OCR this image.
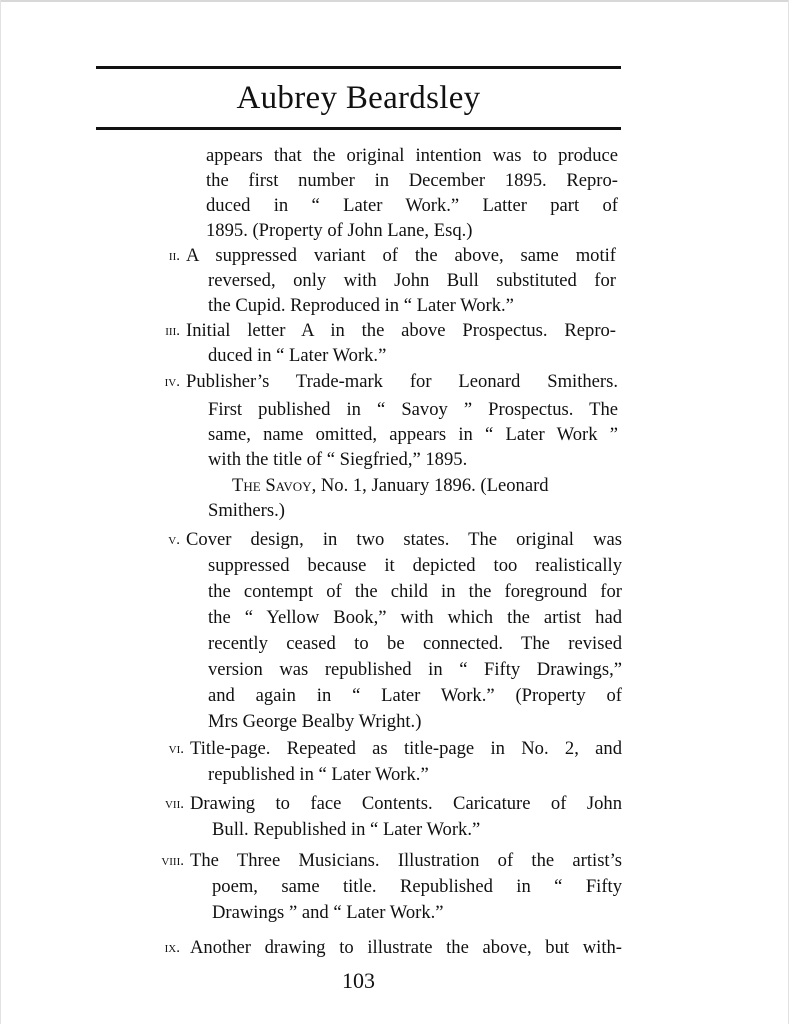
Aubrey Beardsley
appears that the original intention was to produce
the first number in December 1895. Repro-
duced in “ Later Work.” Latter part of
1895. (Property of John Lane, Esq.)
ii. A suppressed variant of the above, same motif
reversed, only with John Bull substituted for
the Cupid. Reproduced in “ Later Work.”
iii. Initial letter A in the above Prospectus. Repro-
duced in “ Later Work.”
iv. Publisher’s Trade-mark for Leonard Smithers.
First published in “ Savoy ” Prospectus. The
same, name omitted, appears in “ Later Work ”
with the title of “ Siegfried,” 1895.
The Savoy, No. 1, January 1896. (Leonard
Smithers.)
v. Cover design, in two states. The original was
suppressed because it depicted too realistically
the contempt of the child in the foreground for
the “ Yellow Book,” with which the artist had
recently ceased to be connected. The revised
version was republished in “ Fifty Drawings,”
and again in “ Later Work.” (Property of
Mrs George Bealby Wright.)
vi. Title-page. Repeated as title-page in No. 2, and
republished in “ Later Work.”
vii. Drawing to face Contents. Caricature of John
Bull. Republished in “ Later Work.”
viii. The Three Musicians. Illustration of the artist’s
poem, same title. Republished in “ Fifty
Drawings ” and “ Later Work.”
ix. Another drawing to illustrate the above, but with-
103
